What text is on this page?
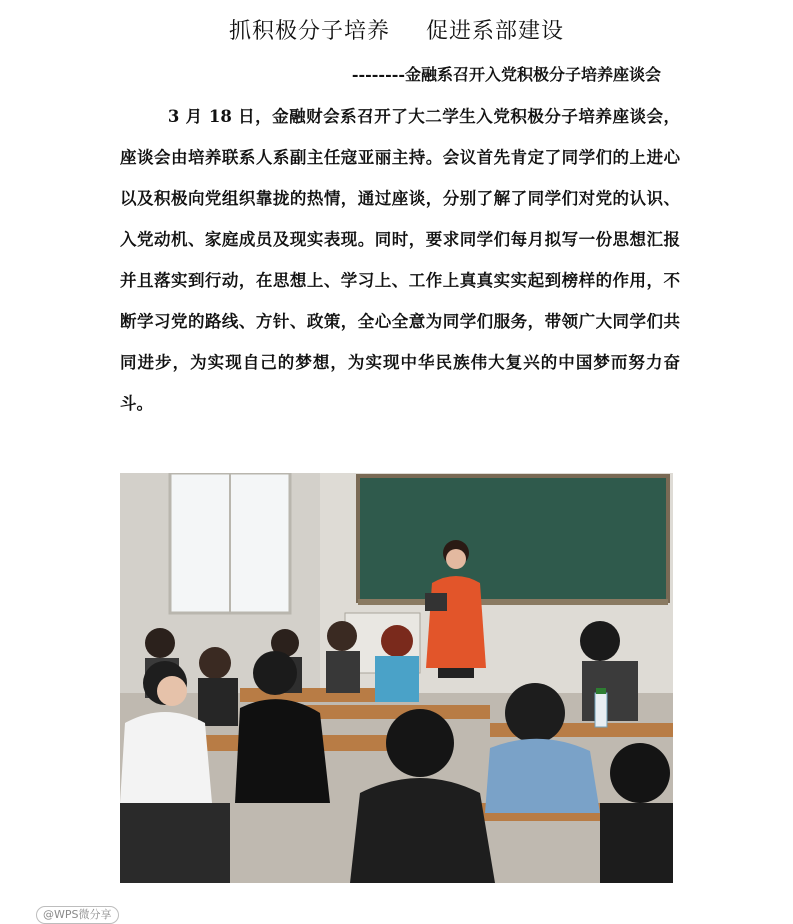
抓积极分子培养 促进系部建设
--------金融系召开入党积极分子培养座谈会

3 月 18 日，金融财会系召开了大二学生入党积极分子培养座谈会，座谈会由培养联系人系副主任寇亚丽主持。会议首先肯定了同学们的上进心以及积极向党组织靠拢的热情，通过座谈，分别了解了同学们对党的认识、入党动机、家庭成员及现实表现。同时，要求同学们每月拟写一份思想汇报并且落实到行动，在思想上、学习上、工作上真真实实起到榜样的作用，不断学习党的路线、方针、政策，全心全意为同学们服务，带领广大同学们共同进步，为实现自己的梦想，为实现中华民族伟大复兴的中国梦而努力奋斗。

@WPS微分享
